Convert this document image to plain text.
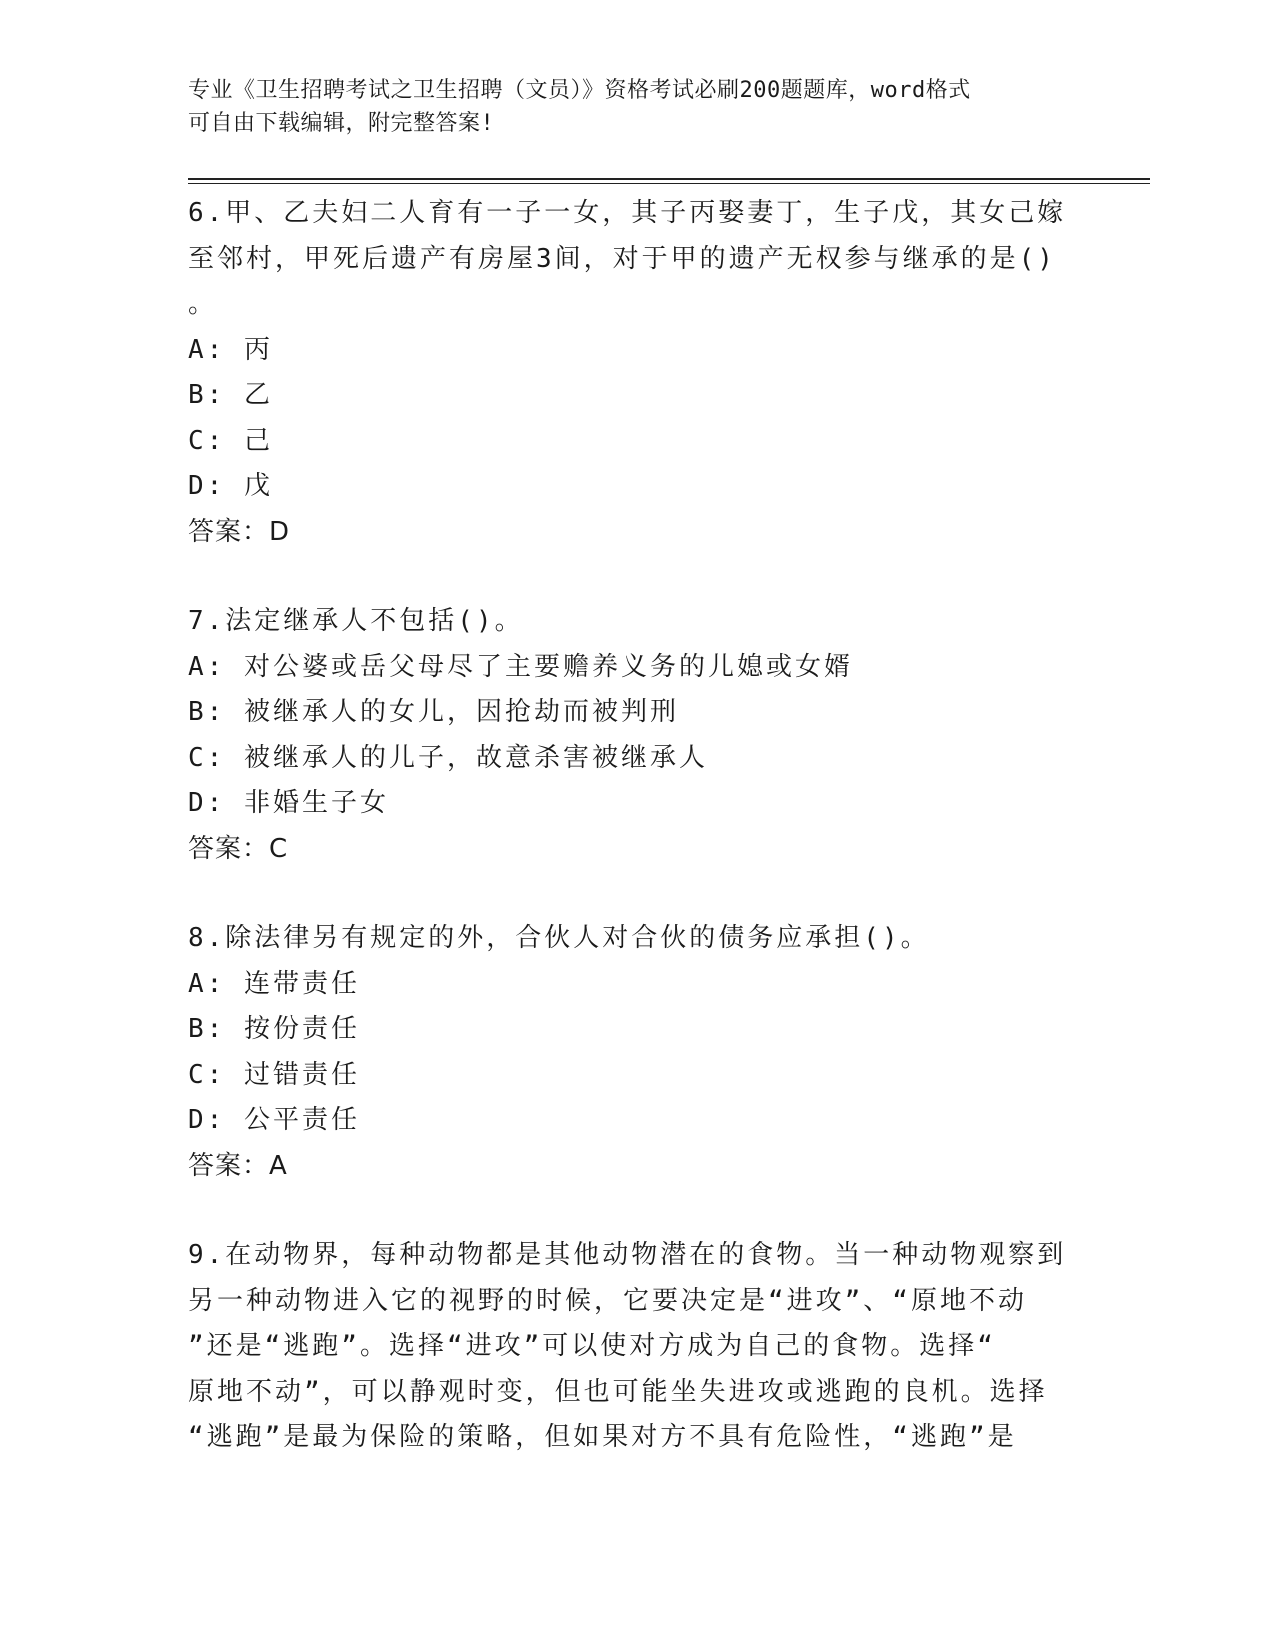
专业《卫生招聘考试之卫生招聘（文员）》资格考试必刷200题题库，word格式
可自由下载编辑，附完整答案!
6.甲、乙夫妇二人育有一子一女，其子丙娶妻丁，生子戊，其女己嫁
至邻村，甲死后遗产有房屋3间，对于甲的遗产无权参与继承的是()
。
A: 丙
B: 乙
C: 己
D: 戊
答案：D
7.法定继承人不包括()。
A: 对公婆或岳父母尽了主要赡养义务的儿媳或女婿
B: 被继承人的女儿，因抢劫而被判刑
C: 被继承人的儿子，故意杀害被继承人
D: 非婚生子女
答案：C
8.除法律另有规定的外，合伙人对合伙的债务应承担()。
A: 连带责任
B: 按份责任
C: 过错责任
D: 公平责任
答案：A
9.在动物界，每种动物都是其他动物潜在的食物。当一种动物观察到
另一种动物进入它的视野的时候，它要决定是“进攻”、“原地不动
”还是“逃跑”。选择“进攻”可以使对方成为自己的食物。选择“
原地不动”，可以静观时变，但也可能坐失进攻或逃跑的良机。选择
“逃跑”是最为保险的策略，但如果对方不具有危险性，“逃跑”是
